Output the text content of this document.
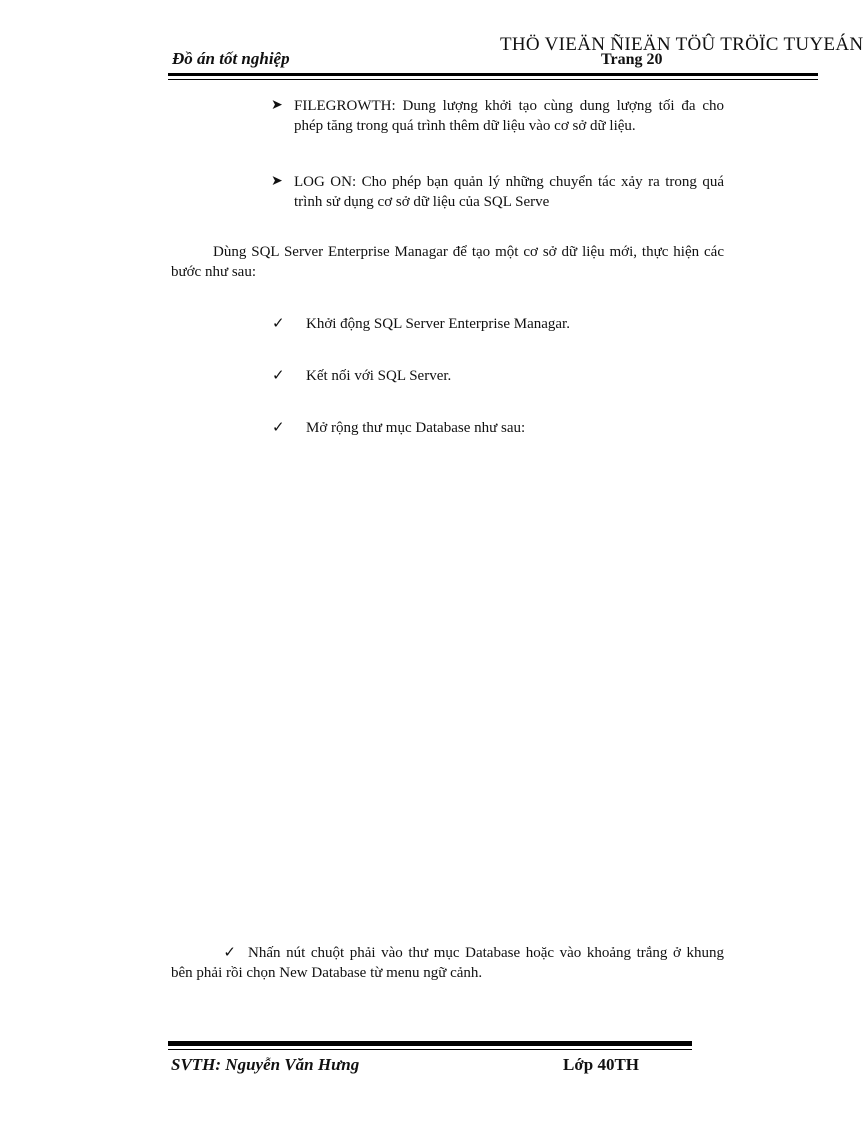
THÖ VIEÄN ÑIEÄN TÖÛ TRÖÏC TUYEÁN
Đồ án tốt nghiệp	Trang 20
➤ FILEGROWTH: Dung lượng khởi tạo cùng dung lượng tối đa cho phép tăng trong quá trình thêm dữ liệu vào cơ sở dữ liệu.
➤ LOG ON: Cho phép bạn quản lý những chuyển tác xảy ra trong quá trình sử dụng cơ sở dữ liệu của SQL Serve
Dùng SQL Server Enterprise Managar để tạo một cơ sở dữ liệu mới, thực hiện các bước như sau:
✓ Khởi động SQL Server Enterprise Managar.
✓ Kết nối với SQL Server.
✓ Mở rộng thư mục Database như sau:
✓ Nhấn nút chuột phải vào thư mục Database hoặc vào khoảng trắng ở khung bên phải rồi chọn New Database từ menu ngữ cảnh.
SVTH: Nguyễn Văn Hưng	Lớp 40TH
